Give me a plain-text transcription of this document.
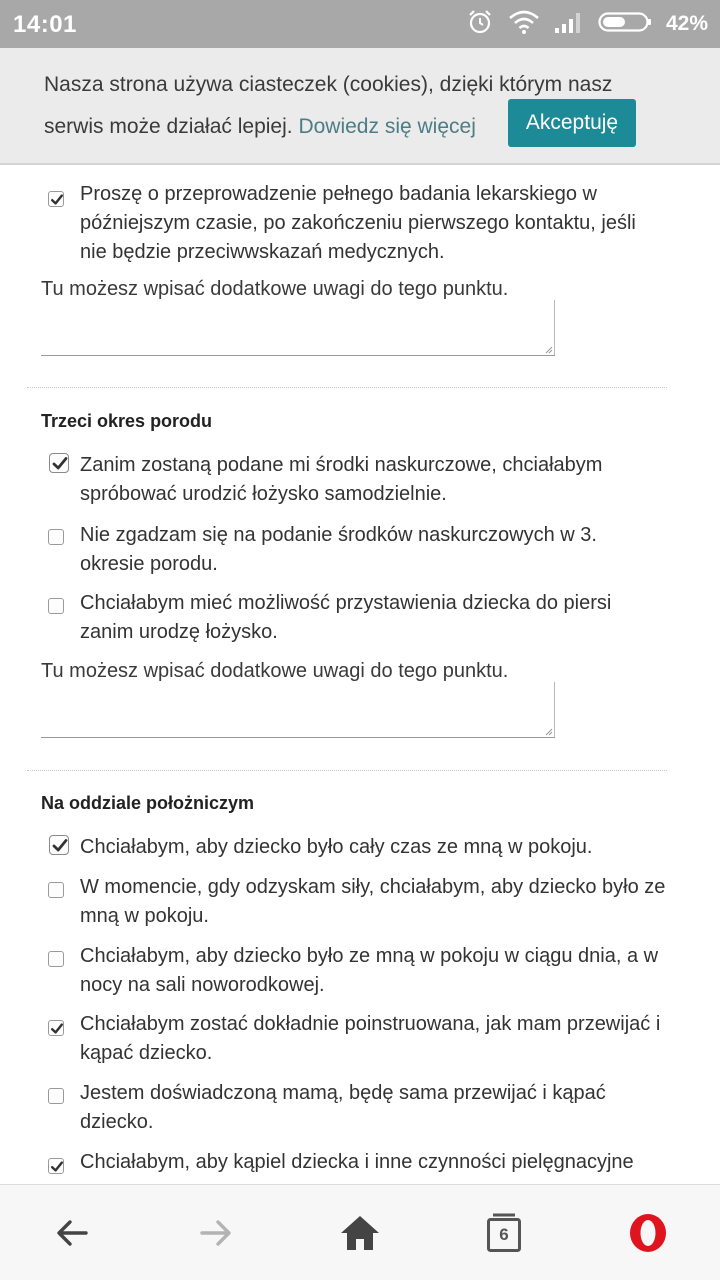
14:01	42%
Nasza strona używa ciasteczek (cookies), dzięki którym nasz serwis może działać lepiej. Dowiedz się więcej	Akceptuję
Proszę o przeprowadzenie pełnego badania lekarskiego w późniejszym czasie, po zakończeniu pierwszego kontaktu, jeśli nie będzie przeciwwskazań medycznych.
Tu możesz wpisać dodatkowe uwagi do tego punktu.
Trzeci okres porodu
Zanim zostaną podane mi środki naskurczowe, chciałabym spróbować urodzić łożysko samodzielnie.
Nie zgadzam się na podanie środków naskurczowych w 3. okresie porodu.
Chciałabym mieć możliwość przystawienia dziecka do piersi zanim urodzę łożysko.
Tu możesz wpisać dodatkowe uwagi do tego punktu.
Na oddziale położniczym
Chciałabym, aby dziecko było cały czas ze mną w pokoju.
W momencie, gdy odzyskam siły, chciałabym, aby dziecko było ze mną w pokoju.
Chciałabym, aby dziecko było ze mną w pokoju w ciągu dnia, a w nocy na sali noworodkowej.
Chciałabym zostać dokładnie poinstruowana, jak mam przewijać i kąpać dziecko.
Jestem doświadczoną mamą, będę sama przewijać i kąpać dziecko.
Chciałabym, aby kąpiel dziecka i inne czynności pielęgnacyjne
6
